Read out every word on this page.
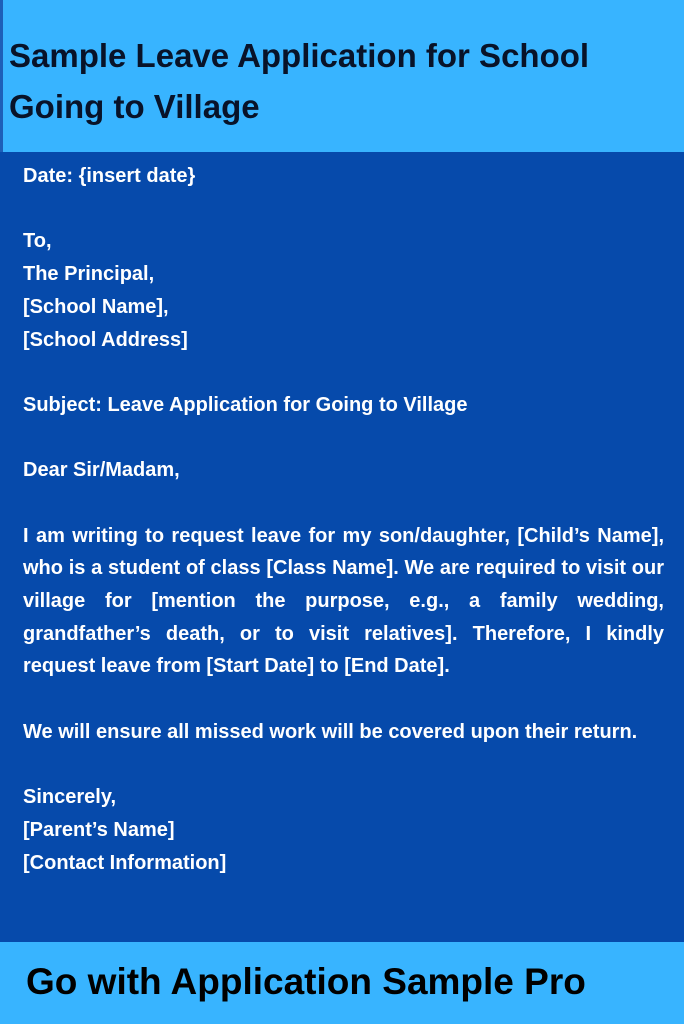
Sample Leave Application for School Going to Village

Date: {insert date}

To,

The Principal,

[School Name],

[School Address]

Subject: Leave Application for Going to Village

Dear Sir/Madam,

I am writing to request leave for my son/daughter, [Child’s Name], who is a student of class [Class Name]. We are required to visit our village for [mention the purpose, e.g., a family wedding, grandfather’s death, or to visit relatives]. Therefore, I kindly request leave from [Start Date] to [End Date].

We will ensure all missed work will be covered upon their return.

Sincerely,

[Parent’s Name]

[Contact Information]

Go with Application Sample Pro
